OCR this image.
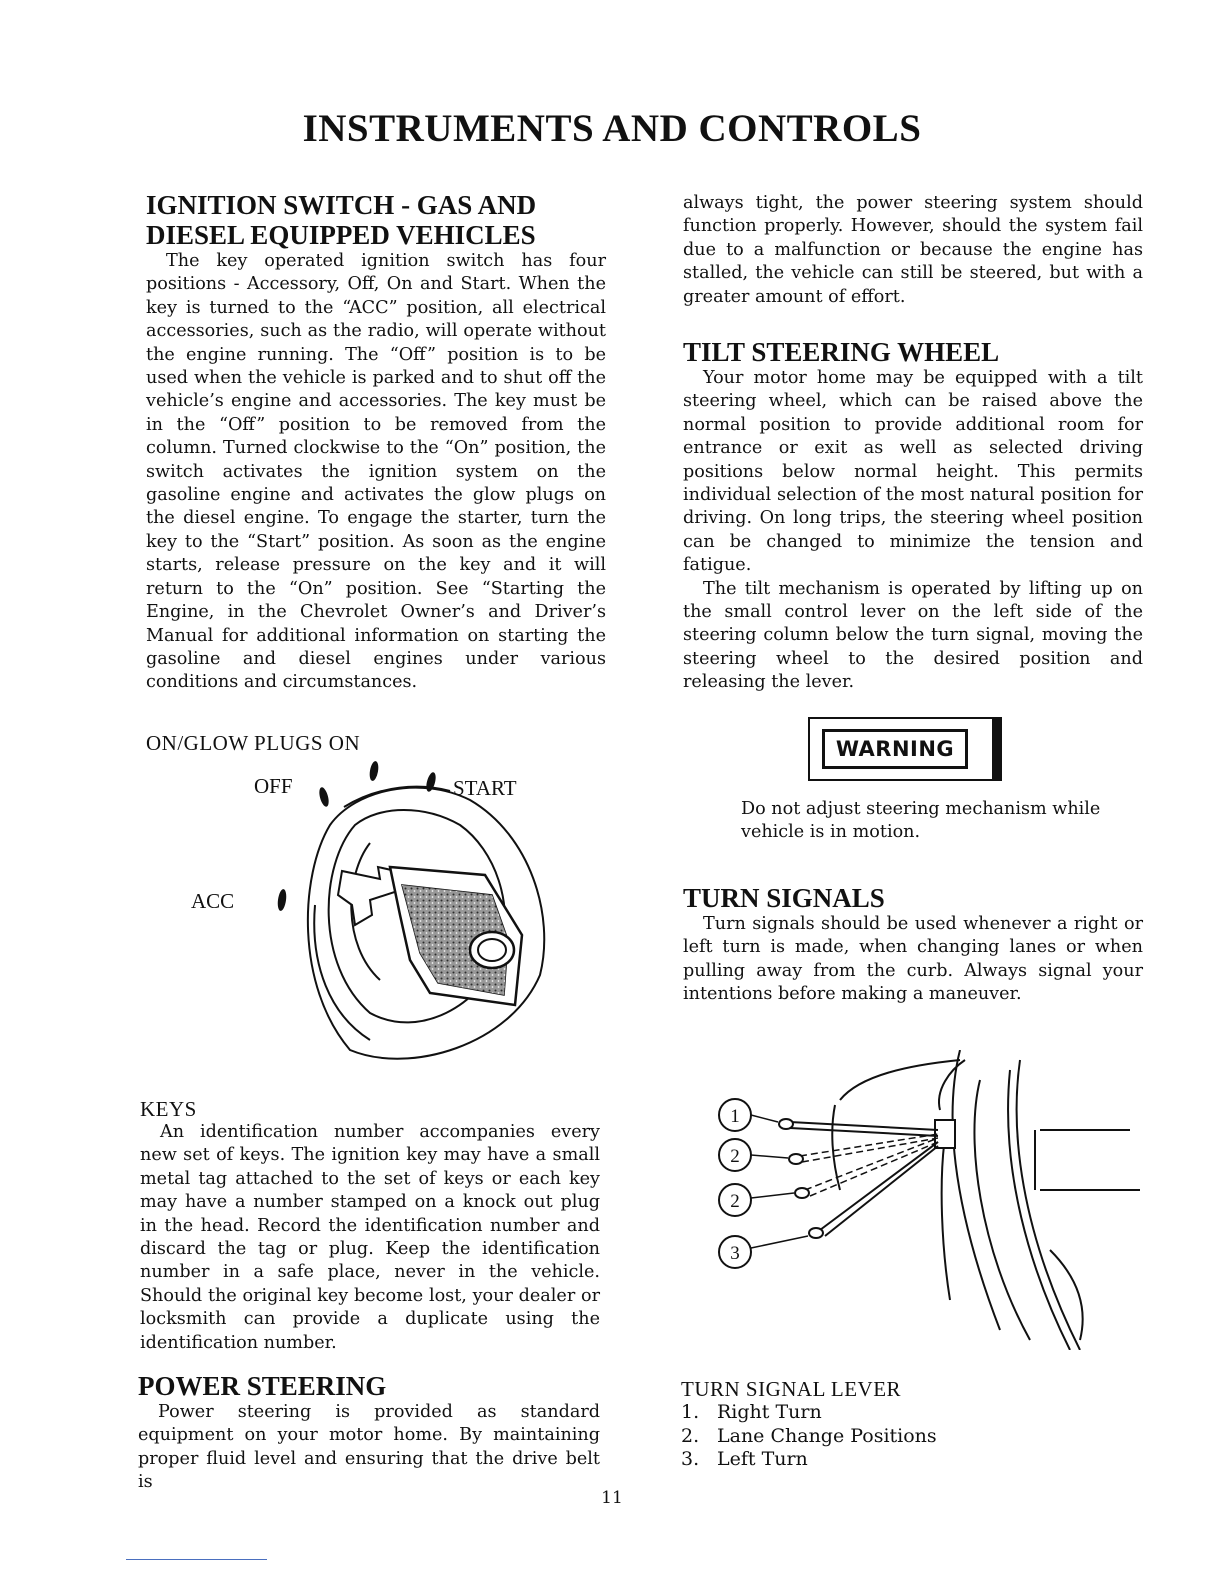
INSTRUMENTS AND CONTROLS
IGNITION SWITCH - GAS AND
DIESEL EQUIPPED VEHICLES

The key operated ignition switch has four positions - Accessory, Off, On and Start. When the key is turned to the “ACC” position, all electrical accessories, such as the radio, will operate without the engine running. The “Off” position is to be used when the vehicle is parked and to shut off the vehicle’s engine and accessories. The key must be in the “Off” position to be removed from the column. Turned clockwise to the “On” position, the switch activates the ignition system on the gasoline engine and activates the glow plugs on the diesel engine. To engage the starter, turn the key to the “Start” position. As soon as the engine starts, release pressure on the key and it will return to the “On” position. See “Starting the Engine, in the Chevrolet Owner’s and Driver’s Manual for additional information on starting the gasoline and diesel engines under various conditions and circumstances.

ON/GLOW PLUGS ON
OFF	START
ACC
KEYS

An identification number accompanies every new set of keys. The ignition key may have a small metal tag attached to the set of keys or each key may have a number stamped on a knock out plug in the head. Record the identification number and discard the tag or plug. Keep the identification number in a safe place, never in the vehicle. Should the original key become lost, your dealer or locksmith can provide a duplicate using the identification number.

POWER STEERING

Power steering is provided as standard equipment on your motor home. By maintaining proper fluid level and ensuring that the drive belt is

always tight, the power steering system should function properly. However, should the system fail due to a malfunction or because the engine has stalled, the vehicle can still be steered, but with a greater amount of effort.

TILT STEERING WHEEL

Your motor home may be equipped with a tilt steering wheel, which can be raised above the normal position to provide additional room for entrance or exit as well as selected driving positions below normal height. This permits individual selection of the most natural position for driving. On long trips, the steering wheel position can be changed to minimize the tension and fatigue.

The tilt mechanism is operated by lifting up on the small control lever on the left side of the steering column below the turn signal, moving the steering wheel to the desired position and releasing the lever.

WARNING
Do not adjust steering mechanism while vehicle is in motion.
TURN SIGNALS

Turn signals should be used whenever a right or left turn is made, when changing lanes or when pulling away from the curb. Always signal your intentions before making a maneuver.

1
2
2
3
TURN SIGNAL LEVER
1. Right Turn
2. Lane Change Positions
3. Left Turn
11
